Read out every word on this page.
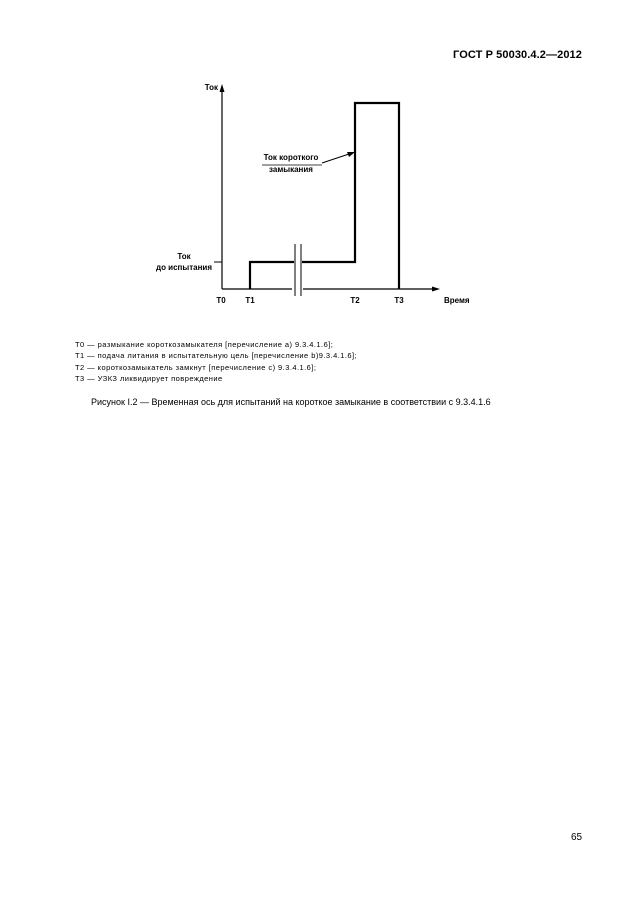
ГОСТ Р 50030.4.2—2012
Ток
Время
Ток
до испытания
Ток короткого
замыкания
Т0 Т1	Т2	Т3
Т0 — размыкание короткозамыкателя [перечисление а) 9.3.4.1.6];
Т1 — подача литания в испытательную цель [перечисление b)9.3.4.1.6];
Т2 — короткозамыкатель замкнут [перечисление с) 9.3.4.1.6];
Т3 — УЗКЗ ликвидирует повреждение
Рисунок I.2 — Временная ось для испытаний на короткое замыкание в соответствии с 9.3.4.1.6
65
